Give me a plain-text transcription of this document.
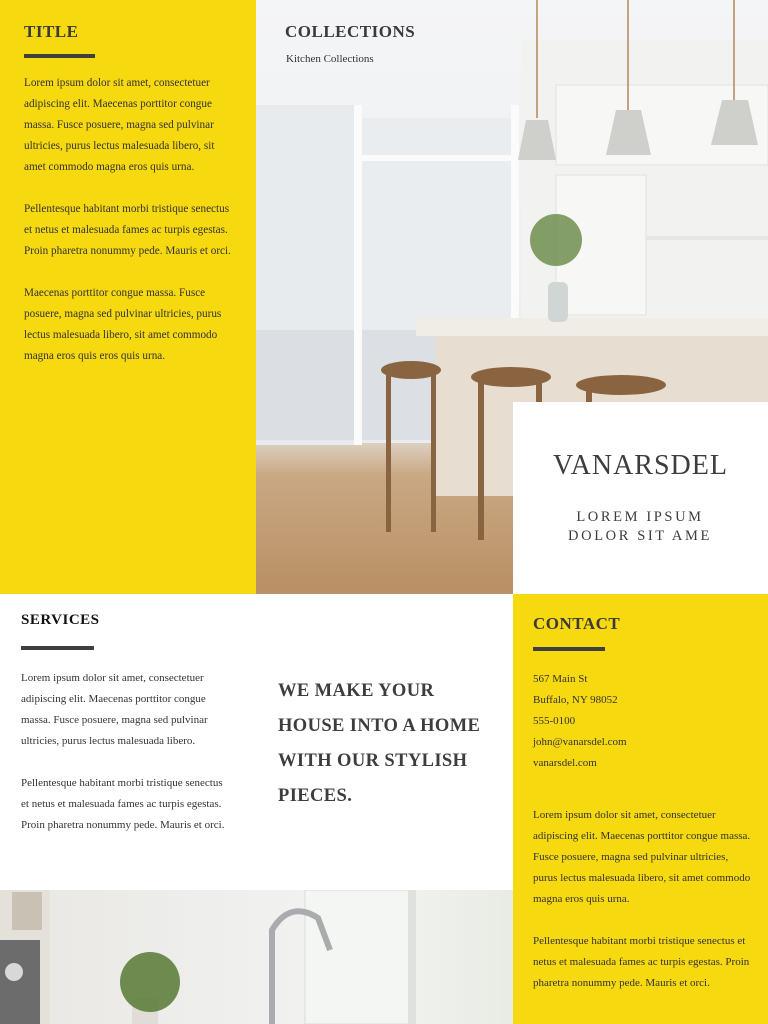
TITLE

Lorem ipsum dolor sit amet, consectetuer adipiscing elit. Maecenas porttitor congue massa. Fusce posuere, magna sed pulvinar ultricies, purus lectus malesuada libero, sit amet commodo magna eros quis urna.

Pellentesque habitant morbi tristique senectus et netus et malesuada fames ac turpis egestas. Proin pharetra nonummy pede. Mauris et orci.

Maecenas porttitor congue massa. Fusce posuere, magna sed pulvinar ultricies, purus lectus malesuada libero, sit amet commodo magna eros quis eros quis urna.

COLLECTIONS
Kitchen Collections
VANARSDEL
LOREM IPSUM DOLOR SIT AME
SERVICES

Lorem ipsum dolor sit amet, consectetuer adipiscing elit. Maecenas porttitor congue massa. Fusce posuere, magna sed pulvinar ultricies, purus lectus malesuada libero.

Pellentesque habitant morbi tristique senectus et netus et malesuada fames ac turpis egestas. Proin pharetra nonummy pede. Mauris et orci.

WE MAKE YOUR HOUSE INTO A HOME WITH OUR STYLISH PIECES.
CONTACT
567 Main St
Buffalo, NY 98052
555-0100
john@vanarsdel.com
vanarsdel.com

Lorem ipsum dolor sit amet, consectetuer adipiscing elit. Maecenas porttitor congue massa. Fusce posuere, magna sed pulvinar ultricies, purus lectus malesuada libero, sit amet commodo magna eros quis urna.

Pellentesque habitant morbi tristique senectus et netus et malesuada fames ac turpis egestas. Proin pharetra nonummy pede. Mauris et orci.
